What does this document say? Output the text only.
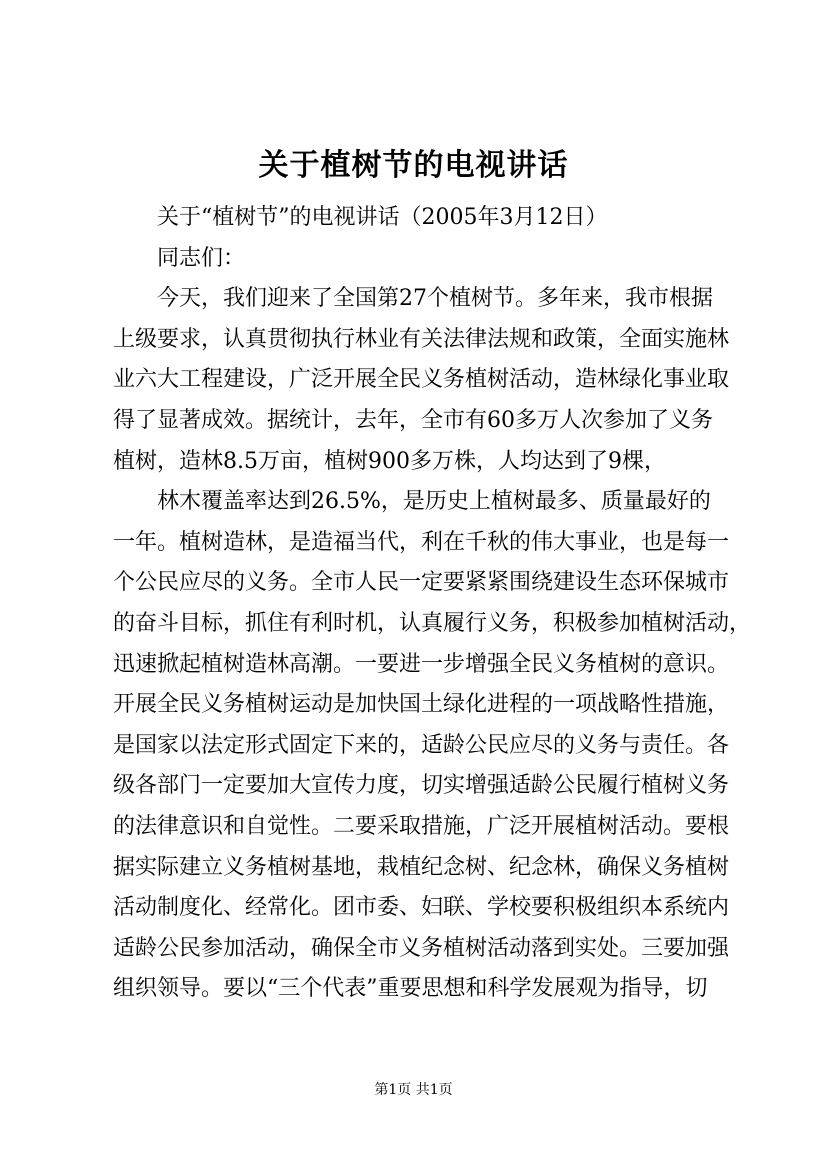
关于植树节的电视讲话
关于“植树节”的电视讲话（2005年3月12日）
同志们：
今天，我们迎来了全国第27个植树节。多年来，我市根据
上级要求，认真贯彻执行林业有关法律法规和政策，全面实施林
业六大工程建设，广泛开展全民义务植树活动，造林绿化事业取
得了显著成效。据统计，去年，全市有60多万人次参加了义务
植树，造林8.5万亩，植树900多万株，人均达到了9棵，
林木覆盖率达到26.5%，是历史上植树最多、质量最好的
一年。植树造林，是造福当代，利在千秋的伟大事业，也是每一
个公民应尽的义务。全市人民一定要紧紧围绕建设生态环保城市
的奋斗目标，抓住有利时机，认真履行义务，积极参加植树活动，
迅速掀起植树造林高潮。一要进一步增强全民义务植树的意识。
开展全民义务植树运动是加快国土绿化进程的一项战略性措施，
是国家以法定形式固定下来的，适龄公民应尽的义务与责任。各
级各部门一定要加大宣传力度，切实增强适龄公民履行植树义务
的法律意识和自觉性。二要采取措施，广泛开展植树活动。要根
据实际建立义务植树基地，栽植纪念树、纪念林，确保义务植树
活动制度化、经常化。团市委、妇联、学校要积极组织本系统内
适龄公民参加活动，确保全市义务植树活动落到实处。三要加强
组织领导。要以“三个代表”重要思想和科学发展观为指导，切
第1页 共1页
